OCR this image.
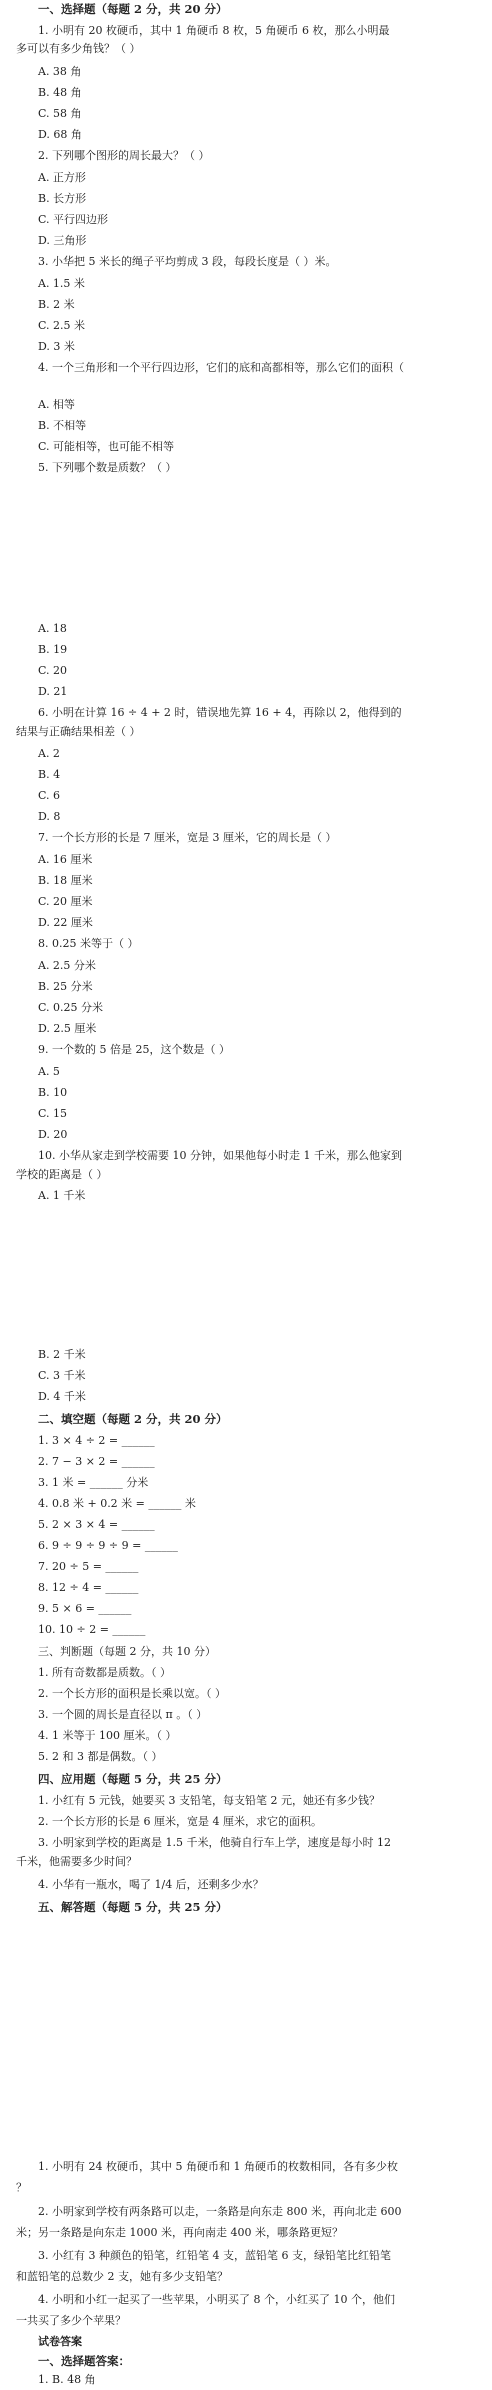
一、选择题（每题 2 分，共 20 分）
1. 小明有 20 枚硬币，其中 1 角硬币 8 枚，5 角硬币 6 枚，那么小明最
多可以有多少角钱？（ ）
A. 38 角
B. 48 角
C. 58 角
D. 68 角
2. 下列哪个图形的周长最大？（ ）
A. 正方形
B. 长方形
C. 平行四边形
D. 三角形
3. 小华把 5 米长的绳子平均剪成 3 段，每段长度是（ ）米。
A. 1.5 米
B. 2 米
C. 2.5 米
D. 3 米
4. 一个三角形和一个平行四边形，它们的底和高都相等，那么它们的面积（
A. 相等
B. 不相等
C. 可能相等，也可能不相等
5. 下列哪个数是质数？（ ）
A. 18
B. 19
C. 20
D. 21
6. 小明在计算 16 ÷ 4 + 2 时，错误地先算 16 + 4，再除以 2，他得到的
结果与正确结果相差（ ）
A. 2
B. 4
C. 6
D. 8
7. 一个长方形的长是 7 厘米，宽是 3 厘米，它的周长是（ ）
A. 16 厘米
B. 18 厘米
C. 20 厘米
D. 22 厘米
8. 0.25 米等于（ ）
A. 2.5 分米
B. 25 分米
C. 0.25 分米
D. 2.5 厘米
9. 一个数的 5 倍是 25，这个数是（ ）
A. 5
B. 10
C. 15
D. 20
10. 小华从家走到学校需要 10 分钟，如果他每小时走 1 千米，那么他家到
学校的距离是（ ）
A. 1 千米
B. 2 千米
C. 3 千米
D. 4 千米
二、填空题（每题 2 分，共 20 分）
1. 3 × 4 ÷ 2 = ______
2. 7 − 3 × 2 = ______
3. 1 米 = ______ 分米
4. 0.8 米 + 0.2 米 = ______ 米
5. 2 × 3 × 4 = ______
6. 9 ÷ 9 ÷ 9 ÷ 9 = ______
7. 20 ÷ 5 = ______
8. 12 ÷ 4 = ______
9. 5 × 6 = ______
10. 10 ÷ 2 = ______
三、判断题（每题 2 分，共 10 分）
1. 所有奇数都是质数。（ ）
2. 一个长方形的面积是长乘以宽。（ ）
3. 一个圆的周长是直径以 π 。（ ）
4. 1 米等于 100 厘米。（ ）
5. 2 和 3 都是偶数。（ ）
四、应用题（每题 5 分，共 25 分）
1. 小红有 5 元钱，她要买 3 支铅笔，每支铅笔 2 元，她还有多少钱？
2. 一个长方形的长是 6 厘米，宽是 4 厘米，求它的面积。
3. 小明家到学校的距离是 1.5 千米，他骑自行车上学，速度是每小时 12
千米，他需要多少时间？
4. 小华有一瓶水，喝了 1/4 后，还剩多少水？
五、解答题（每题 5 分，共 25 分）
1. 小明有 24 枚硬币，其中 5 角硬币和 1 角硬币的枚数相同，各有多少枚
？
2. 小明家到学校有两条路可以走，一条路是向东走 800 米，再向北走 600
米；另一条路是向东走 1000 米，再向南走 400 米，哪条路更短？
3. 小红有 3 种颜色的铅笔，红铅笔 4 支，蓝铅笔 6 支，绿铅笔比红铅笔
和蓝铅笔的总数少 2 支，她有多少支铅笔？
4. 小明和小红一起买了一些苹果，小明买了 8 个，小红买了 10 个，他们
一共买了多少个苹果？
试卷答案
一、选择题答案：
1. B. 48 角
